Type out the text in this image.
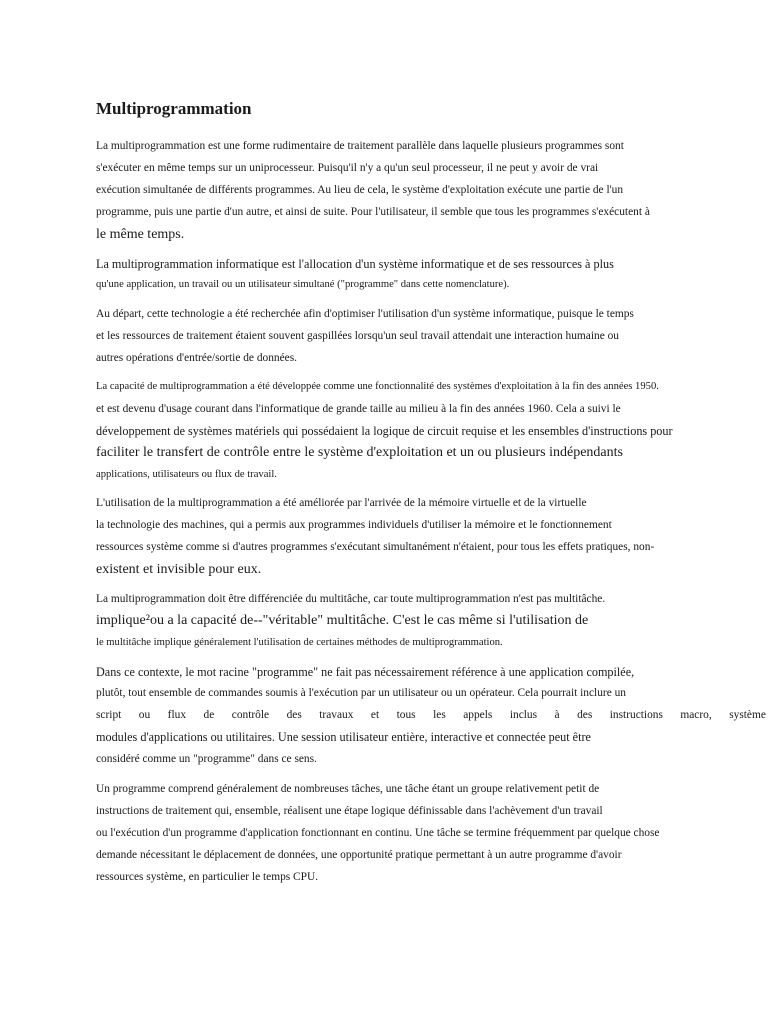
Multiprogrammation

La multiprogrammation est une forme rudimentaire de traitement parallèle dans laquelle plusieurs programmes sont

s'exécuter en même temps sur un uniprocesseur. Puisqu'il n'y a qu'un seul processeur, il ne peut y avoir de vrai

exécution simultanée de différents programmes. Au lieu de cela, le système d'exploitation exécute une partie de l'un

programme, puis une partie d'un autre, et ainsi de suite. Pour l'utilisateur, il semble que tous les programmes s'exécutent à

le même temps.

La multiprogrammation informatique est l'allocation d'un système informatique et de ses ressources à plus

qu'une application, un travail ou un utilisateur simultané ("programme" dans cette nomenclature).

Au départ, cette technologie a été recherchée afin d'optimiser l'utilisation d'un système informatique, puisque le temps

et les ressources de traitement étaient souvent gaspillées lorsqu'un seul travail attendait une interaction humaine ou

autres opérations d'entrée/sortie de données.

La capacité de multiprogrammation a été développée comme une fonctionnalité des systèmes d'exploitation à la fin des années 1950.

et est devenu d'usage courant dans l'informatique de grande taille au milieu à la fin des années 1960. Cela a suivi le

développement de systèmes matériels qui possédaient la logique de circuit requise et les ensembles d'instructions pour

faciliter le transfert de contrôle entre le système d'exploitation et un ou plusieurs indépendants

applications, utilisateurs ou flux de travail.

L'utilisation de la multiprogrammation a été améliorée par l'arrivée de la mémoire virtuelle et de la virtuelle

la technologie des machines, qui a permis aux programmes individuels d'utiliser la mémoire et le fonctionnement

ressources système comme si d'autres programmes s'exécutant simultanément n'étaient, pour tous les effets pratiques, non-

existent et invisible pour eux.

La multiprogrammation doit être différenciée du multitâche, car toute multiprogrammation n'est pas multitâche.

implique²ou a la capacité de--"véritable" multitâche. C'est le cas même si l'utilisation de

le multitâche implique généralement l'utilisation de certaines méthodes de multiprogrammation.

Dans ce contexte, le mot racine "programme" ne fait pas nécessairement référence à une application compilée,

plutôt, tout ensemble de commandes soumis à l'exécution par un utilisateur ou un opérateur. Cela pourrait inclure un

script ou flux de contrôle des travaux et tous les appels inclus à des instructions macro, système

modules d'applications ou utilitaires. Une session utilisateur entière, interactive et connectée peut être

considéré comme un "programme" dans ce sens.

Un programme comprend généralement de nombreuses tâches, une tâche étant un groupe relativement petit de

instructions de traitement qui, ensemble, réalisent une étape logique définissable dans l'achèvement d'un travail

ou l'exécution d'un programme d'application fonctionnant en continu. Une tâche se termine fréquemment par quelque chose

demande nécessitant le déplacement de données, une opportunité pratique permettant à un autre programme d'avoir

ressources système, en particulier le temps CPU.
